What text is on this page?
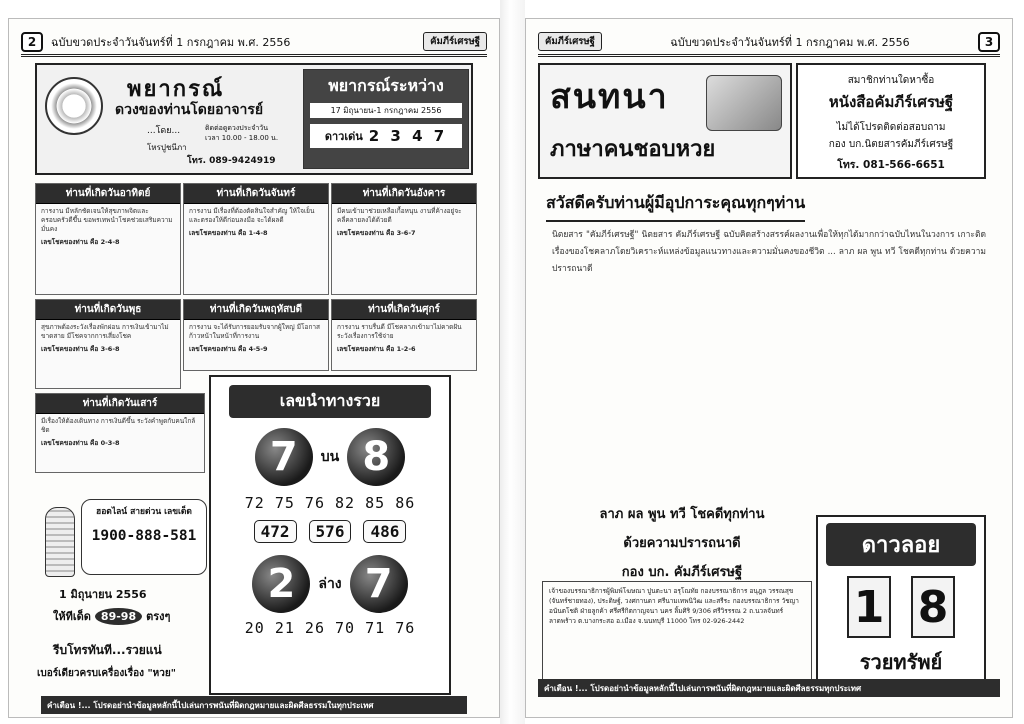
2	ฉบับขวดประจำวันจันทร์ที่ 1 กรกฎาคม พ.ศ. 2556	คัมภีร์เศรษฐี
พยากรณ์
ดวงของท่านโดยอาจารย์
...โดย...	ติดต่อดูดวงประจำวัน
เวลา 10.00 - 18.00 น.
โหรปูชนีภา
โทร. 089-9424919
พยากรณ์ระหว่าง
17 มิถุนายน-1 กรกฎาคม 2556
ดาวเด่น 2 3 4 7
ท่านที่เกิดวันอาทิตย์
การงาน มีหลักชัดเจนให้สุขภาพจิตและครอบครัวดีขึ้น ขอพรเทพนำโชคช่วยเสริมความมั่นคง
เลขโชคของท่าน คือ 2-4-8
ท่านที่เกิดวันจันทร์
การงาน มีเรื่องที่ต้องตัดสินใจสำคัญ ให้ใจเย็นและตรองให้ดีก่อนลงมือ จะได้ผลดี
เลขโชคของท่าน คือ 1-4-8
ท่านที่เกิดวันอังคาร
มีคนเข้ามาช่วยเหลือเกื้อหนุน งานที่ค้างอยู่จะคลี่คลายลงได้ด้วยดี
เลขโชคของท่าน คือ 3-6-7
ท่านที่เกิดวันพุธ
สุขภาพต้องระวังเรื่องพักผ่อน การเงินเข้ามาไม่ขาดสาย มีโชคจากการเสี่ยงโชค
เลขโชคของท่าน คือ 3-6-8
ท่านที่เกิดวันพฤหัสบดี
การงาน จะได้รับการยอมรับจากผู้ใหญ่ มีโอกาสก้าวหน้าในหน้าที่การงาน
เลขโชคของท่าน คือ 4-5-9
ท่านที่เกิดวันศุกร์
การงาน ราบรื่นดี มีโชคลาภเข้ามาไม่คาดฝัน ระวังเรื่องการใช้จ่าย
เลขโชคของท่าน คือ 1-2-6
ท่านที่เกิดวันเสาร์
มีเรื่องให้ต้องเดินทาง การเงินดีขึ้น ระวังคำพูดกับคนใกล้ชิด
เลขโชคของท่าน คือ 0-3-8
เลขนำทางรวย
7	บน 8
72 75 76 82 85 86
472	576	486
2	ล่าง 7
20 21 26 70 71 76
ฮอตไลน์ สายด่วน เลขเด็ด
1900-888-581
1 มิถุนายน 2556
ให้ทีเด็ด 89-98 ตรงๆ
รีบโทรทันที...รวยแน่
เบอร์เดียวครบเครื่องเรื่อง "หวย"
คำเตือน !... โปรดอย่านำข้อมูลหลักนี้ไปเล่นการพนันที่ผิดกฎหมายและผิดศีลธรรมในทุกประเทศ
คัมภีร์เศรษฐี	ฉบับขวดประจำวันจันทร์ที่ 1 กรกฎาคม พ.ศ. 2556	3
สนทนา
ภาษาคนชอบหวย
สมาชิกท่านใดหาซื้อ
หนังสือคัมภีร์เศรษฐี
ไม่ได้โปรดติดต่อสอบถาม
กอง บก.นิตยสารคัมภีร์เศรษฐี
โทร. 081-566-6651
สวัสดีครับท่านผู้มีอุปการะคุณทุกๆท่าน
นิตยสาร "คัมภีร์เศรษฐี" นิตยสาร คัมภีร์เศรษฐี ฉบับคิดสร้างสรรค์ผลงานเพื่อให้ทุกได้มากกว่าฉบับไหนในวงการ เกาะติดเรื่องของโชคลาภโดยวิเคราะห์แหล่งข้อมูลแนวทางและความมั่นคงของชีวิต ... ลาภ ผล พูน ทวี โชคดีทุกท่าน ด้วยความปรารถนาดี
ลาภ ผล พูน ทวี โชคดีทุกท่าน
ด้วยความปรารถนาดี
กอง บก. คัมภีร์เศรษฐี
เจ้าของบรรณาธิการผู้พิมพ์โฆษณา ปูนตะนา อรุโณทัย กองบรรณาธิการ อนุฎล วรรณสุข (จันทร์ชายทอง), ประดิษฐ์, วงศกานดา ศรีนามเทพนิวิฒ และสรีระ กองบรรณาธิการ วัชญา อนันตโชติ ฝ่ายลูกค้า ศรีศรีกิตกาญจนา นคร ลิ้มศิริ 9/306 ศรีวิรรรณ 2 ถ.นวลจันทร์ ลาดพร้าว ต.บางกระสอ อ.เมือง จ.นนทบุรี 11000 โทร 02-926-2442
ดาวลอย
1 8
รวยทรัพย์
คำเตือน !... โปรดอย่านำข้อมูลหลักนี้ไปเล่นการพนันที่ผิดกฎหมายและผิดศีลธรรมทุกประเทศ
